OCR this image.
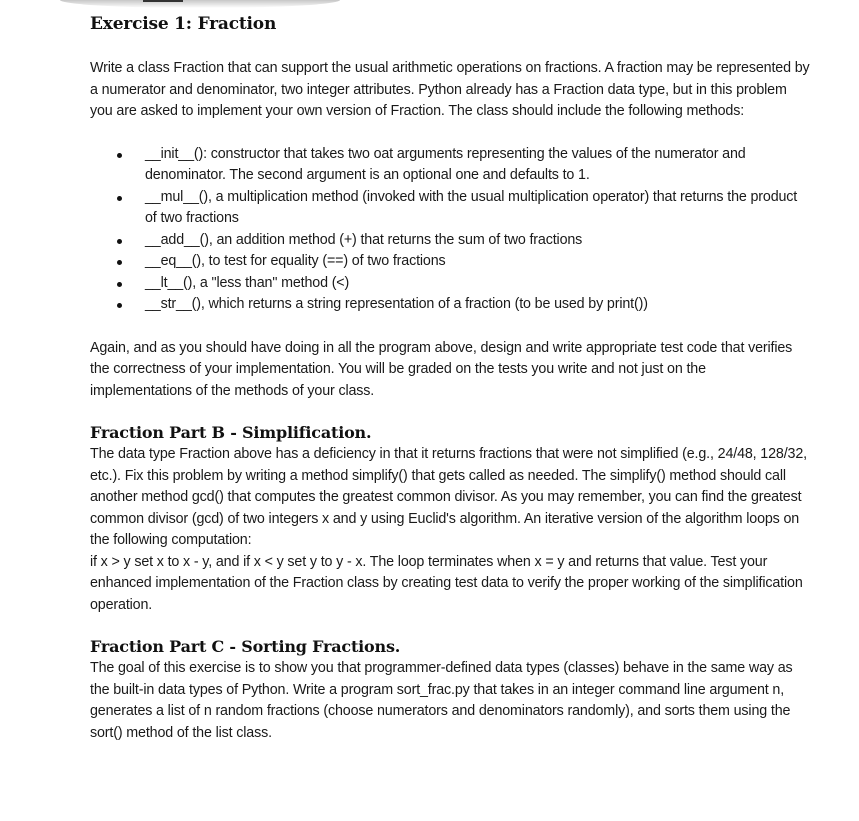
Exercise 1: Fraction

Write a class Fraction that can support the usual arithmetic operations on fractions. A fraction may be represented by a numerator and denominator, two integer attributes. Python already has a Fraction data type, but in this problem you are asked to implement your own version of Fraction. The class should include the following methods:

__init__(): constructor that takes two oat arguments representing the values of the numerator and denominator. The second argument is an optional one and defaults to 1.
__mul__(), a multiplication method (invoked with the usual multiplication operator) that returns the product of two fractions
__add__(), an addition method (+) that returns the sum of two fractions
__eq__(), to test for equality (==) of two fractions
__lt__(), a "less than" method (<)
__str__(), which returns a string representation of a fraction (to be used by print())

Again, and as you should have doing in all the program above, design and write appropriate test code that verifies the correctness of your implementation. You will be graded on the tests you write and not just on the implementations of the methods of your class.

Fraction Part B - Simplification.

The data type Fraction above has a deficiency in that it returns fractions that were not simplified (e.g., 24/48, 128/32, etc.). Fix this problem by writing a method simplify() that gets called as needed. The simplify() method should call another method gcd() that computes the greatest common divisor. As you may remember, you can find the greatest common divisor (gcd) of two integers x and y using Euclid's algorithm. An iterative version of the algorithm loops on the following computation:

if x > y set x to x - y, and if x < y set y to y - x. The loop terminates when x = y and returns that value. Test your enhanced implementation of the Fraction class by creating test data to verify the proper working of the simplification operation.

Fraction Part C - Sorting Fractions.

The goal of this exercise is to show you that programmer-defined data types (classes) behave in the same way as the built-in data types of Python. Write a program sort_frac.py that takes in an integer command line argument n, generates a list of n random fractions (choose numerators and denominators randomly), and sorts them using the sort() method of the list class.
